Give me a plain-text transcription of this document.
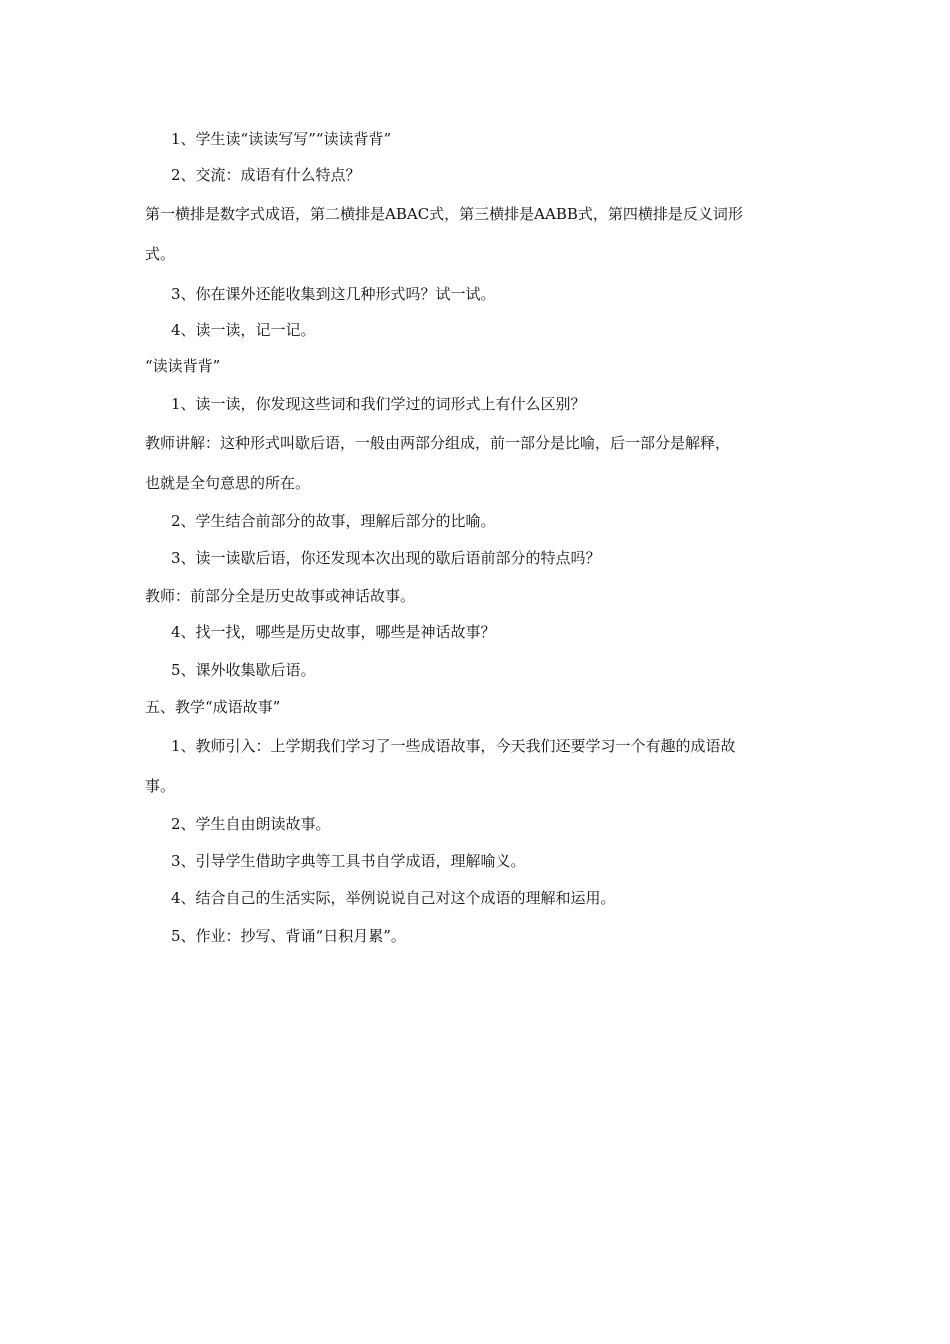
1、学生读“读读写写”“读读背背”
2、交流：成语有什么特点？
第一横排是数字式成语，第二横排是ABAC式，第三横排是AABB式，第四横排是反义词形
式。
3、你在课外还能收集到这几种形式吗？试一试。
4、读一读，记一记。
“读读背背”
1、读一读，你发现这些词和我们学过的词形式上有什么区别？
教师讲解：这种形式叫歇后语，一般由两部分组成，前一部分是比喻，后一部分是解释，
也就是全句意思的所在。
2、学生结合前部分的故事，理解后部分的比喻。
3、读一读歇后语，你还发现本次出现的歇后语前部分的特点吗？
教师：前部分全是历史故事或神话故事。
4、找一找，哪些是历史故事，哪些是神话故事？
5、课外收集歇后语。
五、教学“成语故事”
1、教师引入：上学期我们学习了一些成语故事，今天我们还要学习一个有趣的成语故
事。
2、学生自由朗读故事。
3、引导学生借助字典等工具书自学成语，理解喻义。
4、结合自己的生活实际，举例说说自己对这个成语的理解和运用。
5、作业：抄写、背诵“日积月累”。
